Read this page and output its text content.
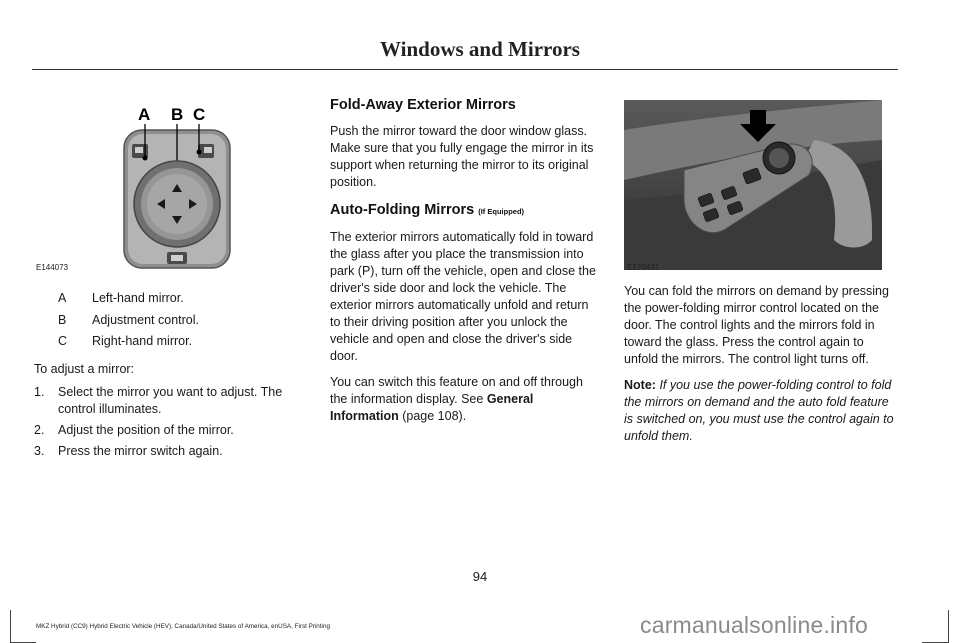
Windows and Mirrors
A B C
E144073
A Left-hand mirror.
B Adjustment control.
C Right-hand mirror.
To adjust a mirror:
1. Select the mirror you want to adjust. The control illuminates.
2. Adjust the position of the mirror.
3. Press the mirror switch again.
Fold-Away Exterior Mirrors

Push the mirror toward the door window glass. Make sure that you fully engage the mirror in its support when returning the mirror to its original position.

Auto-Folding Mirrors (If Equipped)

The exterior mirrors automatically fold in toward the glass after you place the transmission into park (P), turn off the vehicle, open and close the driver's side door and lock the vehicle. The exterior mirrors automatically unfold and return to their driving position after you unlock the vehicle and open and close the driver's side door.

You can switch this feature on and off through the information display. See General Information (page 108).

E170431

You can fold the mirrors on demand by pressing the power-folding mirror control located on the door. The control lights and the mirrors fold in toward the glass. Press the control again to unfold the mirrors. The control light turns off.

Note: If you use the power-folding control to fold the mirrors on demand and the auto fold feature is switched on, you must use the control again to unfold them.

94
MKZ Hybrid (CC9) Hybrid Electric Vehicle (HEV), Canada/United States of America, enUSA, First Printing	carmanualsonline.info
